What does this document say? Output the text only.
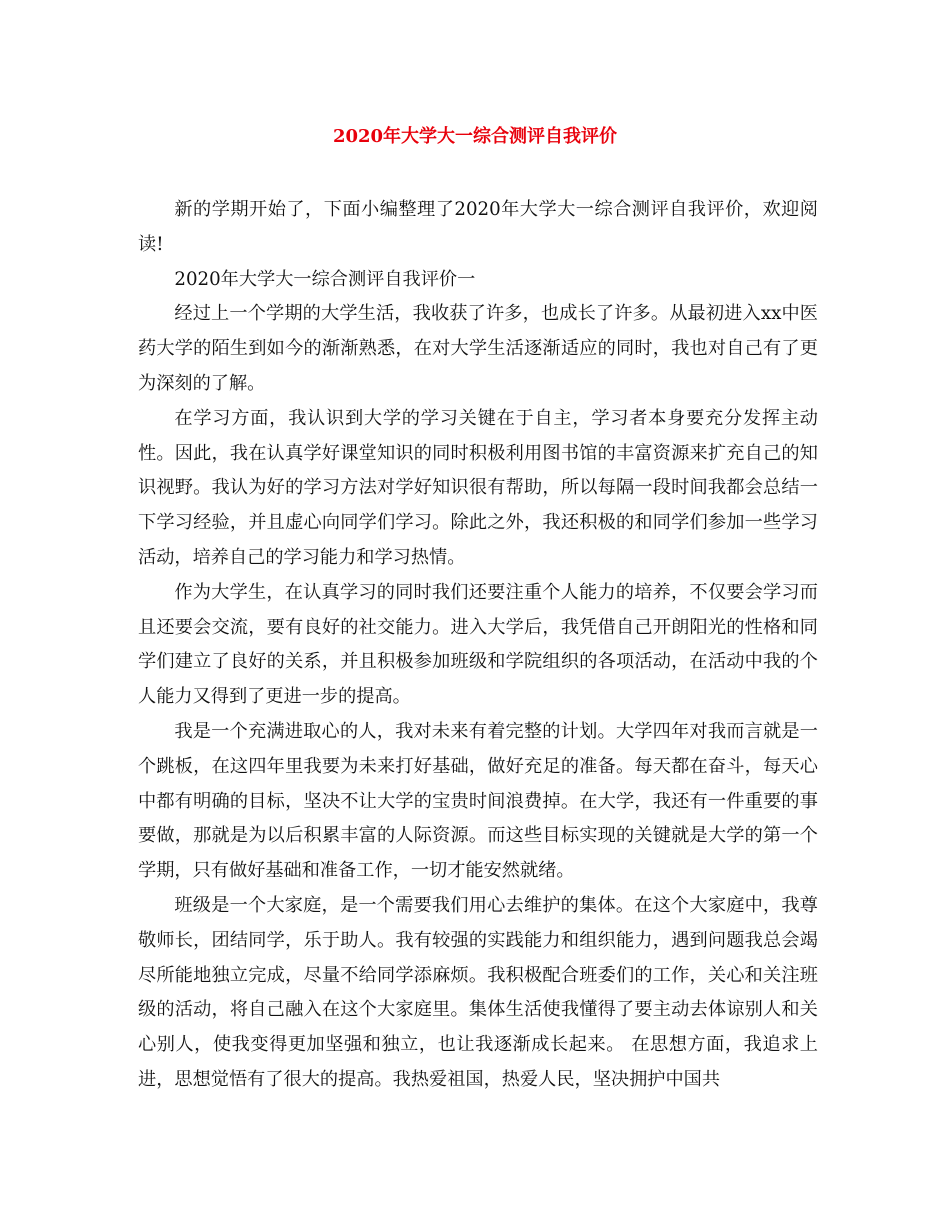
2020年大学大一综合测评自我评价

新的学期开始了，下面小编整理了2020年大学大一综合测评自我评价，欢迎阅读!

2020年大学大一综合测评自我评价一

经过上一个学期的大学生活，我收获了许多，也成长了许多。从最初进入xx中医药大学的陌生到如今的渐渐熟悉，在对大学生活逐渐适应的同时，我也对自己有了更为深刻的了解。

在学习方面，我认识到大学的学习关键在于自主，学习者本身要充分发挥主动性。因此，我在认真学好课堂知识的同时积极利用图书馆的丰富资源来扩充自己的知识视野。我认为好的学习方法对学好知识很有帮助，所以每隔一段时间我都会总结一下学习经验，并且虚心向同学们学习。除此之外，我还积极的和同学们参加一些学习活动，培养自己的学习能力和学习热情。

作为大学生，在认真学习的同时我们还要注重个人能力的培养，不仅要会学习而且还要会交流，要有良好的社交能力。进入大学后，我凭借自己开朗阳光的性格和同学们建立了良好的关系，并且积极参加班级和学院组织的各项活动，在活动中我的个人能力又得到了更进一步的提高。

我是一个充满进取心的人，我对未来有着完整的计划。大学四年对我而言就是一个跳板，在这四年里我要为未来打好基础，做好充足的准备。每天都在奋斗，每天心中都有明确的目标，坚决不让大学的宝贵时间浪费掉。在大学，我还有一件重要的事要做，那就是为以后积累丰富的人际资源。而这些目标实现的关键就是大学的第一个学期，只有做好基础和准备工作，一切才能安然就绪。

班级是一个大家庭，是一个需要我们用心去维护的集体。在这个大家庭中，我尊敬师长，团结同学，乐于助人。我有较强的实践能力和组织能力，遇到问题我总会竭尽所能地独立完成，尽量不给同学添麻烦。我积极配合班委们的工作，关心和关注班级的活动，将自己融入在这个大家庭里。集体生活使我懂得了要主动去体谅别人和关心别人，使我变得更加坚强和独立，也让我逐渐成长起来。 在思想方面，我追求上进，思想觉悟有了很大的提高。我热爱祖国，热爱人民，坚决拥护中国共
